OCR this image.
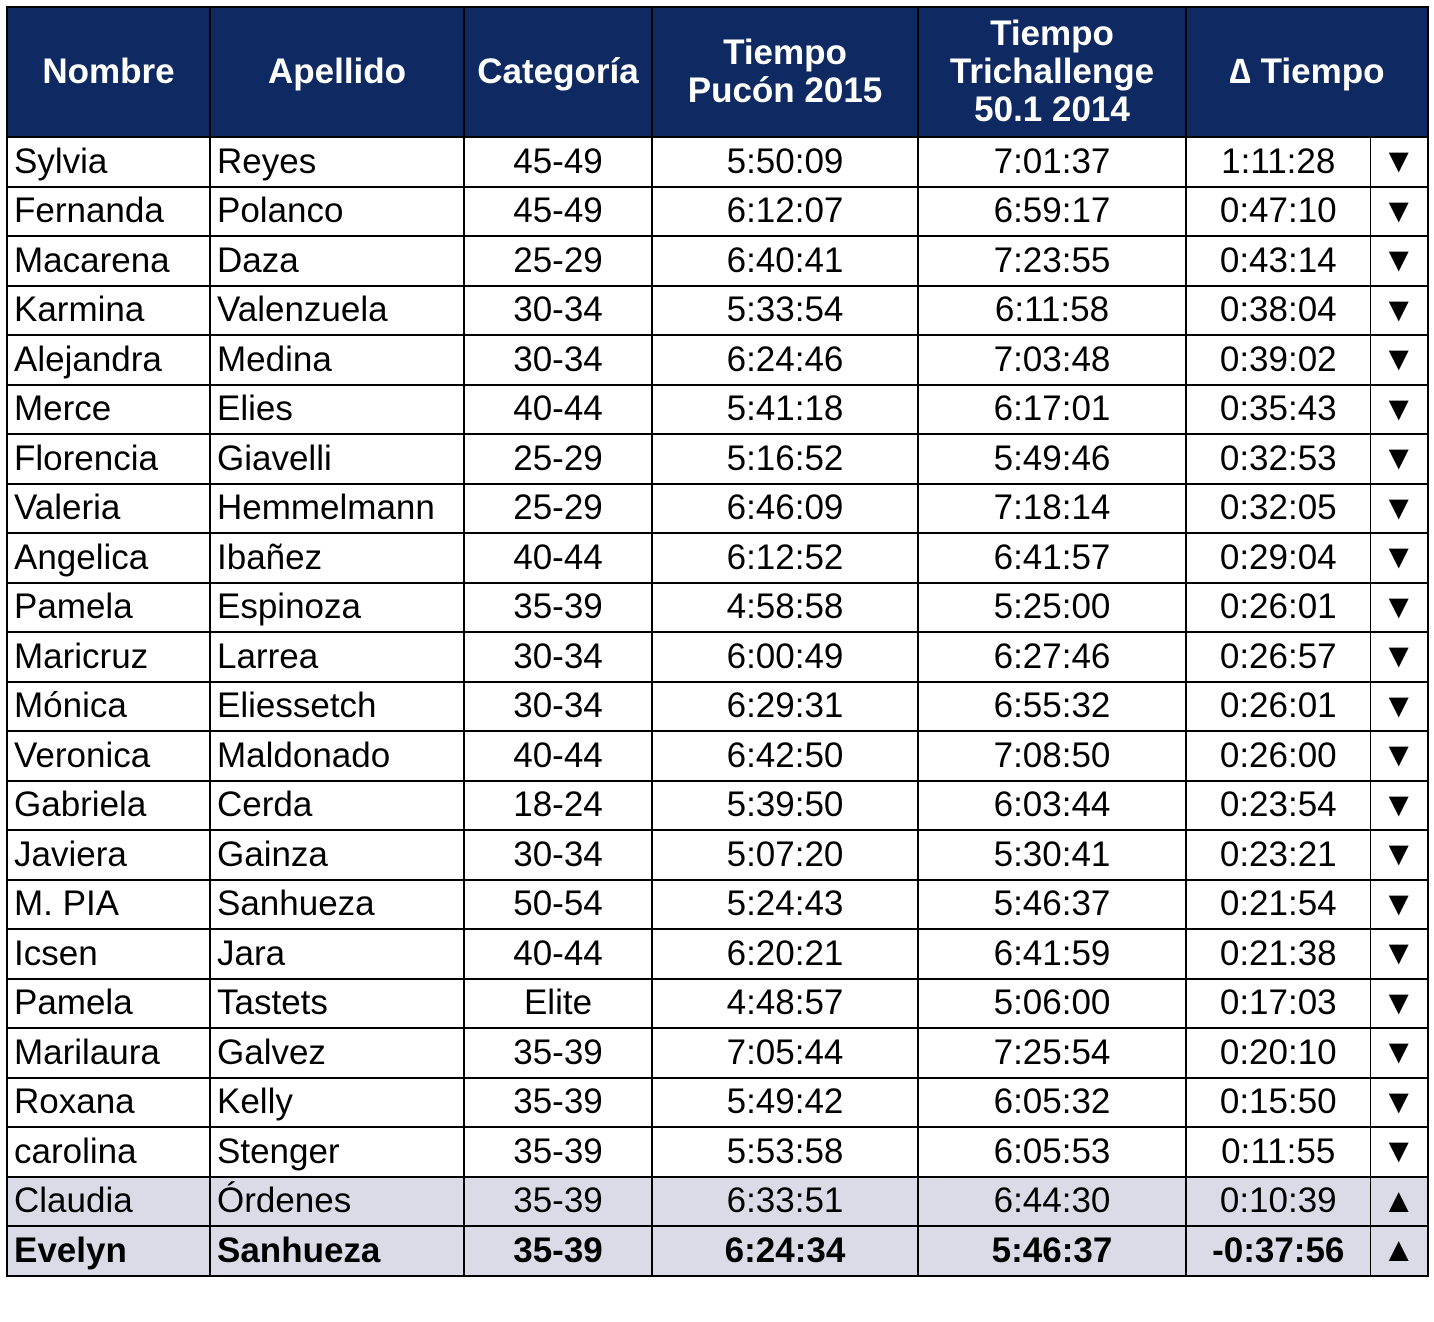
Nombre	Apellido	Categoría	Tiempo Pucón 2015	Tiempo Trichallenge 50.1 2014	∆ Tiempo	
Sylvia	Reyes	45-49	5:50:09	7:01:37	1:11:28	▼
Fernanda	Polanco	45-49	6:12:07	6:59:17	0:47:10	▼
Macarena	Daza	25-29	6:40:41	7:23:55	0:43:14	▼
Karmina	Valenzuela	30-34	5:33:54	6:11:58	0:38:04	▼
Alejandra	Medina	30-34	6:24:46	7:03:48	0:39:02	▼
Merce	Elies	40-44	5:41:18	6:17:01	0:35:43	▼
Florencia	Giavelli	25-29	5:16:52	5:49:46	0:32:53	▼
Valeria	Hemmelmann	25-29	6:46:09	7:18:14	0:32:05	▼
Angelica	Ibañez	40-44	6:12:52	6:41:57	0:29:04	▼
Pamela	Espinoza	35-39	4:58:58	5:25:00	0:26:01	▼
Maricruz	Larrea	30-34	6:00:49	6:27:46	0:26:57	▼
Mónica	Eliessetch	30-34	6:29:31	6:55:32	0:26:01	▼
Veronica	Maldonado	40-44	6:42:50	7:08:50	0:26:00	▼
Gabriela	Cerda	18-24	5:39:50	6:03:44	0:23:54	▼
Javiera	Gainza	30-34	5:07:20	5:30:41	0:23:21	▼
M. PIA	Sanhueza	50-54	5:24:43	5:46:37	0:21:54	▼
Icsen	Jara	40-44	6:20:21	6:41:59	0:21:38	▼
Pamela	Tastets	Elite	4:48:57	5:06:00	0:17:03	▼
Marilaura	Galvez	35-39	7:05:44	7:25:54	0:20:10	▼
Roxana	Kelly	35-39	5:49:42	6:05:32	0:15:50	▼
carolina	Stenger	35-39	5:53:58	6:05:53	0:11:55	▼
Claudia	Órdenes	35-39	6:33:51	6:44:30	0:10:39	▲
Evelyn	Sanhueza	35-39	6:24:34	5:46:37	-0:37:56	▲
